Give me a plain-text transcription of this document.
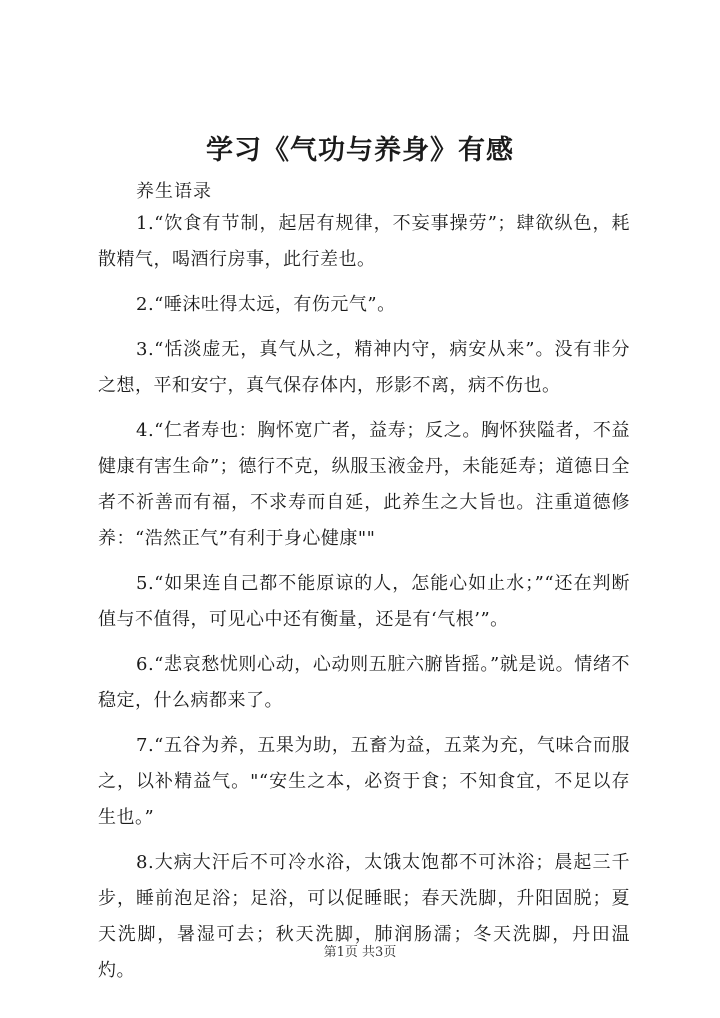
学习《气功与养身》有感
养生语录

1.“饮食有节制，起居有规律，不妄事操劳”；肆欲纵色，耗散精气，喝酒行房事，此行差也。

2.“唾沫吐得太远，有伤元气”。

3.“恬淡虚无，真气从之，精神内守，病安从来”。没有非分之想，平和安宁，真气保存体内，形影不离，病不伤也。

4.“仁者寿也：胸怀宽广者，益寿；反之。胸怀狭隘者，不益健康有害生命”；德行不克，纵服玉液金丹，未能延寿；道德日全者不祈善而有福，不求寿而自延，此养生之大旨也。注重道德修养：“浩然正气”有利于身心健康""

5.“如果连自己都不能原谅的人，怎能心如止水；”“还在判断值与不值得，可见心中还有衡量，还是有‘气根’”。

6.“悲哀愁忧则心动，心动则五脏六腑皆摇。”就是说。情绪不稳定，什么病都来了。

7.“五谷为养，五果为助，五畜为益，五菜为充，气味合而服之，以补精益气。"“安生之本，必资于食；不知食宜，不足以存生也。”

8.大病大汗后不可冷水浴，太饿太饱都不可沐浴；晨起三千步，睡前泡足浴；足浴，可以促睡眠；春天洗脚，升阳固脱；夏天洗脚，暑湿可去；秋天洗脚，肺润肠濡；冬天洗脚，丹田温灼。

第1页 共3页
